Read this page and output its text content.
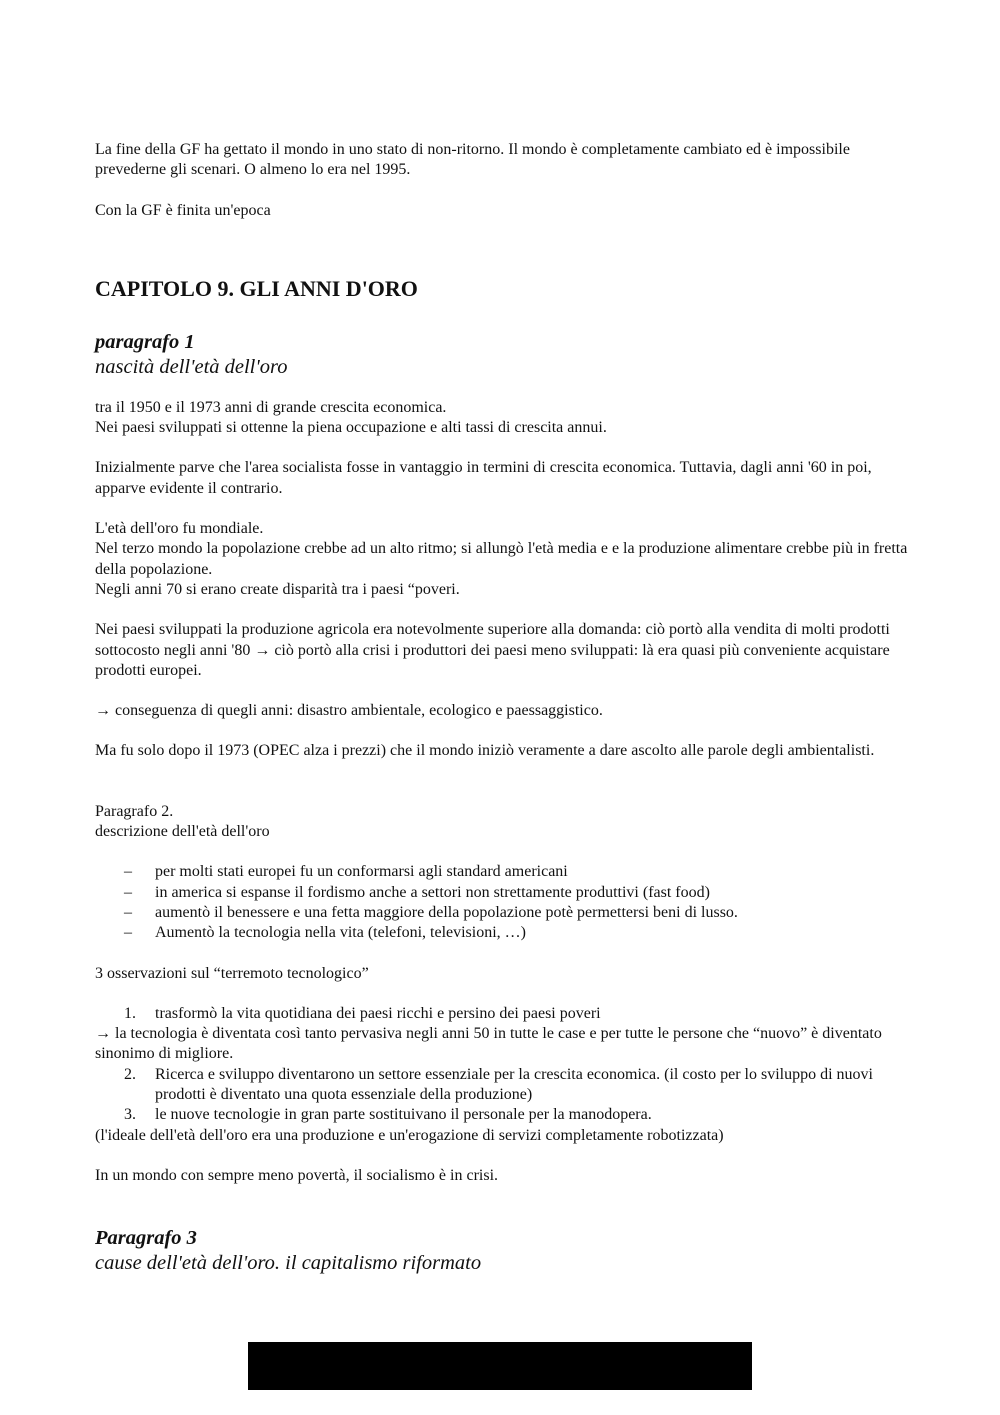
La fine della GF ha gettato il mondo in uno stato di non-ritorno. Il mondo è completamente cambiato ed è impossibile prevederne gli scenari. O almeno lo era nel 1995.

Con la GF è finita un'epoca

CAPITOLO 9. GLI ANNI D'ORO
paragrafo 1
nascità dell'età dell'oro

tra il 1950 e il 1973 anni di grande crescita economica.

Nei paesi sviluppati si ottenne la piena occupazione e alti tassi di crescita annui.

Inizialmente parve che l'area socialista fosse in vantaggio in termini di crescita economica. Tuttavia, dagli anni '60 in poi, apparve evidente il contrario.

L'età dell'oro fu mondiale.

Nel terzo mondo la popolazione crebbe ad un alto ritmo; si allungò l'età media e e la produzione alimentare crebbe più in fretta della popolazione.

Negli anni 70 si erano create disparità tra i paesi “poveri.

Nei paesi sviluppati la produzione agricola era notevolmente superiore alla domanda: ciò portò alla vendita di molti prodotti sottocosto negli anni '80 → ciò portò alla crisi i produttori dei paesi meno sviluppati: là era quasi più conveniente acquistare prodotti europei.

→ conseguenza di quegli anni: disastro ambientale, ecologico e paessaggistico.

Ma fu solo dopo il 1973 (OPEC alza i prezzi) che il mondo iniziò veramente a dare ascolto alle parole degli ambientalisti.

Paragrafo 2.

descrizione dell'età dell'oro

– per molti stati europei fu un conformarsi agli standard americani
– in america si espanse il fordismo anche a settori non strettamente produttivi (fast food)
– aumentò il benessere e una fetta maggiore della popolazione potè permettersi beni di lusso.
– Aumentò la tecnologia nella vita (telefoni, televisioni, …)

3 osservazioni sul “terremoto tecnologico”

1. trasformò la vita quotidiana dei paesi ricchi e persino dei paesi poveri

→ la tecnologia è diventata così tanto pervasiva negli anni 50 in tutte le case e per tutte le persone che “nuovo” è diventato sinonimo di migliore.

2. Ricerca e sviluppo diventarono un settore essenziale per la crescita economica. (il costo per lo sviluppo di nuovi prodotti è diventato una quota essenziale della produzione)
3. le nuove tecnologie in gran parte sostituivano il personale per la manodopera.

(l'ideale dell'età dell'oro era una produzione e un'erogazione di servizi completamente robotizzata)

In un mondo con sempre meno povertà, il socialismo è in crisi.

Paragrafo 3
cause dell'età dell'oro. il capitalismo riformato
